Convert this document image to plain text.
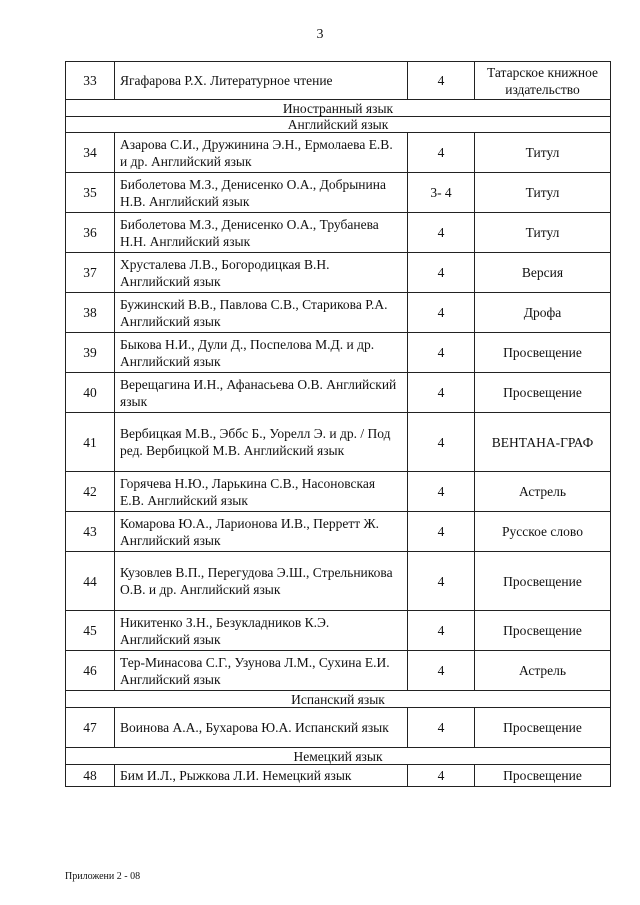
3
33	Ягафарова Р.Х. Литературное чтение	4	Татарское книжное издательство
Иностранный язык			
Английский язык			
34	Азарова С.И., Дружинина Э.Н., Ермолаева Е.В. и др. Английский язык	4	Титул
35	Биболетова М.З., Денисенко О.А., Добрынина Н.В. Английский язык	3- 4	Титул
36	Биболетова М.З., Денисенко О.А., Трубанева Н.Н. Английский язык	4	Титул
37	Хрусталева Л.В., Богородицкая В.Н. Английский язык	4	Версия
38	Бужинский В.В., Павлова С.В., Старикова Р.А. Английский язык	4	Дрофа
39	Быкова Н.И., Дули Д., Поспелова М.Д. и др. Английский язык	4	Просвещение
40	Верещагина И.Н., Афанасьева О.В. Английский язык	4	Просвещение
41	Вербицкая М.В., Эббс Б., Уорелл Э. и др. / Под ред. Вербицкой М.В. Английский язык	4	ВЕНТАНА-ГРАФ
42	Горячева Н.Ю., Ларькина С.В., Насоновская Е.В. Английский язык	4	Астрель
43	Комарова Ю.А., Ларионова И.В., Перретт Ж. Английский язык	4	Русское слово
44	Кузовлев В.П., Перегудова Э.Ш., Стрельникова О.В. и др. Английский язык	4	Просвещение
45	Никитенко З.Н., Безукладников К.Э. Английский язык	4	Просвещение
46	Тер-Минасова С.Г., Узунова Л.М., Сухина Е.И. Английский язык	4	Астрель
Испанский язык			
47	Воинова А.А., Бухарова Ю.А. Испанский язык	4	Просвещение
Немецкий язык			
48	Бим И.Л., Рыжкова Л.И. Немецкий язык	4	Просвещение
Приложени 2 - 08
